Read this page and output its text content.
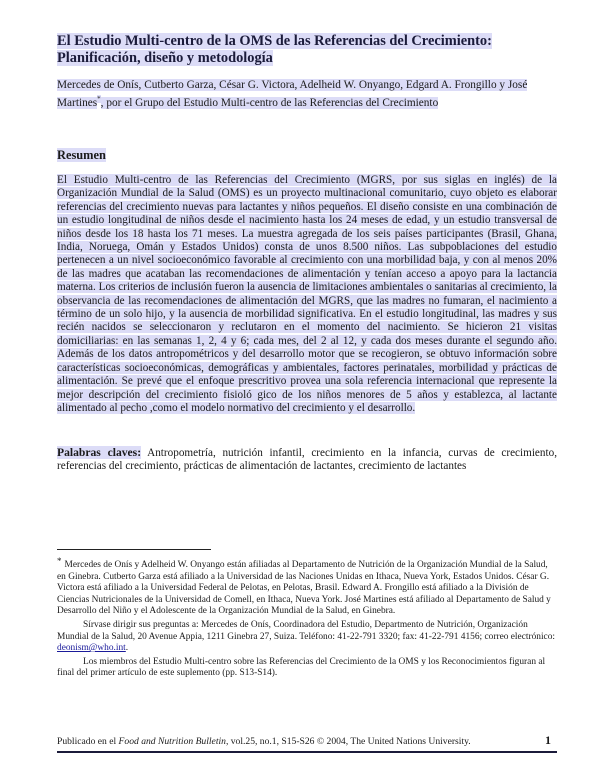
El Estudio Multi-centro de la OMS de las Referencias del Crecimiento: Planificación, diseño y metodología
Mercedes de Onís, Cutberto Garza, César G. Victora, Adelheid W. Onyango, Edgard A. Frongillo y José Martines*, por el Grupo del Estudio Multi-centro de las Referencias del Crecimiento
Resumen
El Estudio Multi-centro de las Referencias del Crecimiento (MGRS, por sus siglas en inglés) de la Organización Mundial de la Salud (OMS) es un proyecto multinacional comunitario, cuyo objeto es elaborar referencias del crecimiento nuevas para lactantes y niños pequeños. El diseño consiste en una combinación de un estudio longitudinal de niños desde el nacimiento hasta los 24 meses de edad, y un estudio transversal de niños desde los 18 hasta los 71 meses. La muestra agregada de los seis países participantes (Brasil, Ghana, India, Noruega, Omán y Estados Unidos) consta de unos 8.500 niños. Las subpoblaciones del estudio pertenecen a un nivel socioeconómico favorable al crecimiento con una morbilidad baja, y con al menos 20% de las madres que acataban las recomendaciones de alimentación y tenían acceso a apoyo para la lactancia materna. Los criterios de inclusión fueron la ausencia de limitaciones ambientales o sanitarias al crecimiento, la observancia de las recomendaciones de alimentación del MGRS, que las madres no fumaran, el nacimiento a término de un solo hijo, y la ausencia de morbilidad significativa. En el estudio longitudinal, las madres y sus recién nacidos se seleccionaron y reclutaron en el momento del nacimiento. Se hicieron 21 visitas domiciliarias: en las semanas 1, 2, 4 y 6; cada mes, del 2 al 12, y cada dos meses durante el segundo año. Además de los datos antropométricos y del desarrollo motor que se recogieron, se obtuvo información sobre características socioeconómicas, demográficas y ambientales, factores perinatales, morbilidad y prácticas de alimentación. Se prevé que el enfoque prescritivo provea una sola referencia internacional que represente la mejor descripción del crecimiento fisioló gico de los niños menores de 5 años y establezca, al lactante alimentado al pecho ,como el modelo normativo del crecimiento y el desarrollo.
Palabras claves: Antropometría, nutrición infantil, crecimiento en la infancia, curvas de crecimiento, referencias del crecimiento, prácticas de alimentación de lactantes, crecimiento de lactantes

* Mercedes de Onís y Adelheid W. Onyango están afiliadas al Departamento de Nutrición de la Organización Mundial de la Salud, en Ginebra. Cutberto Garza está afiliado a la Universidad de las Naciones Unidas en Ithaca, Nueva York, Estados Unidos. César G. Victora está afiliado a la Universidad Federal de Pelotas, en Pelotas, Brasil. Edward A. Frongillo está afiliado a la División de Ciencias Nutricionales de la Universidad de Comell, en Ithaca, Nueva York. José Martines está afiliado al Departamento de Salud y Desarrollo del Niño y el Adolescente de la Organización Mundial de la Salud, en Ginebra.

Sírvase dirigir sus preguntas a: Mercedes de Onís, Coordinadora del Estudio, Departmento de Nutrición, Organización Mundial de la Salud, 20 Avenue Appia, 1211 Ginebra 27, Suiza. Teléfono: 41-22-791 3320; fax: 41-22-791 4156; correo electrónico: deonism@who.int.

Los miembros del Estudio Multi-centro sobre las Referencias del Crecimiento de la OMS y los Reconocimientos figuran al final del primer artículo de este suplemento (pp. S13-S14).

Publicado en el Food and Nutrition Bulletin, vol.25, no.1, S15-S26 © 2004, The United Nations University.	1
